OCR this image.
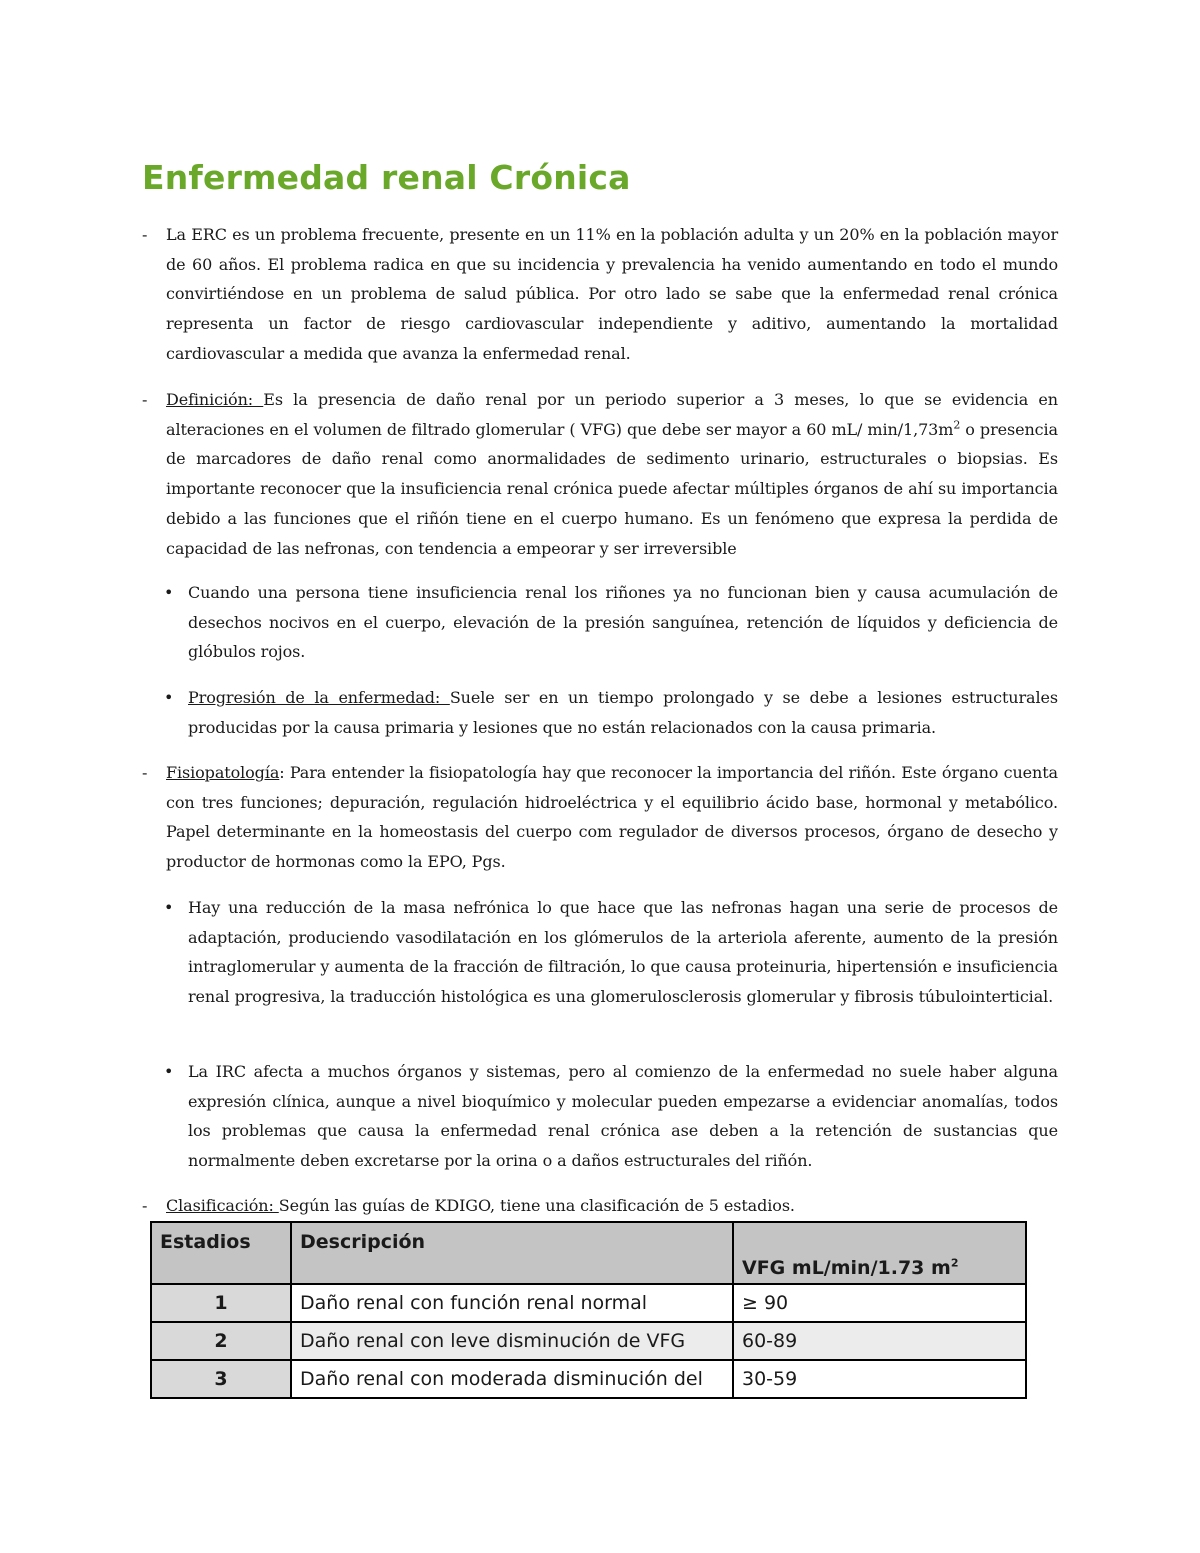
Enfermedad renal Crónica
- La ERC es un problema frecuente, presente en un 11% en la población adulta y un 20% en la población mayor de 60 años. El problema radica en que su incidencia y prevalencia ha venido aumentando en todo el mundo convirtiéndose en un problema de salud pública. Por otro lado se sabe que la enfermedad renal crónica representa un factor de riesgo cardiovascular independiente y aditivo, aumentando la mortalidad cardiovascular a medida que avanza la enfermedad renal.
- Definición: Es la presencia de daño renal por un periodo superior a 3 meses, lo que se evidencia en alteraciones en el volumen de filtrado glomerular ( VFG) que debe ser mayor a 60 mL/ $\min/1,73m^2$ o presencia de marcadores de daño renal como anormalidades de sedimento urinario, estructurales o biopsias. Es importante reconocer que la insuficiencia renal crónica puede afectar múltiples órganos de ahí su importancia debido a las funciones que el riñón tiene en el cuerpo humano. Es un fenómeno que expresa la perdida de capacidad de las nefronas, con tendencia a empeorar y ser irreversible
• Cuando una persona tiene insuficiencia renal los riñones ya no funcionan bien y causa acumulación de desechos nocivos en el cuerpo, elevación de la presión sanguínea, retención de líquidos y deficiencia de glóbulos rojos.
• Progresión de la enfermedad: Suele ser en un tiempo prolongado y se debe a lesiones estructurales producidas por la causa primaria y lesiones que no están relacionados con la causa primaria.
- Fisiopatología: Para entender la fisiopatología hay que reconocer la importancia del riñón. Este órgano cuenta con tres funciones; depuración, regulación hidroeléctrica y el equilibrio ácido base, hormonal y metabólico. Papel determinante en la homeostasis del cuerpo com regulador de diversos procesos, órgano de desecho y productor de hormonas como la EPO, Pgs.
• Hay una reducción de la masa nefrónica lo que hace que las nefronas hagan una serie de procesos de adaptación, produciendo vasodilatación en los glómerulos de la arteriola aferente, aumento de la presión intraglomerular y aumenta de la fracción de filtración, lo que causa proteinuria, hipertensión e insuficiencia renal progresiva, la traducción histológica es una glomerulosclerosis glomerular y fibrosis túbulointerticial.
• La IRC afecta a muchos órganos y sistemas, pero al comienzo de la enfermedad no suele haber alguna expresión clínica, aunque a nivel bioquímico y molecular pueden empezarse a evidenciar anomalías, todos los problemas que causa la enfermedad renal crónica ase deben a la retención de sustancias que normalmente deben excretarse por la orina o a daños estructurales del riñón.
- Clasificación: Según las guías de KDIGO, tiene una clasificación de 5 estadios.
Estadios	Descripción	VFG mL/min/1.73 $m^2$
1	Daño renal con función renal normal	≥ 90
2	Daño renal con leve disminución de VFG	60-89
3	Daño renal con moderada disminución del	30-59
